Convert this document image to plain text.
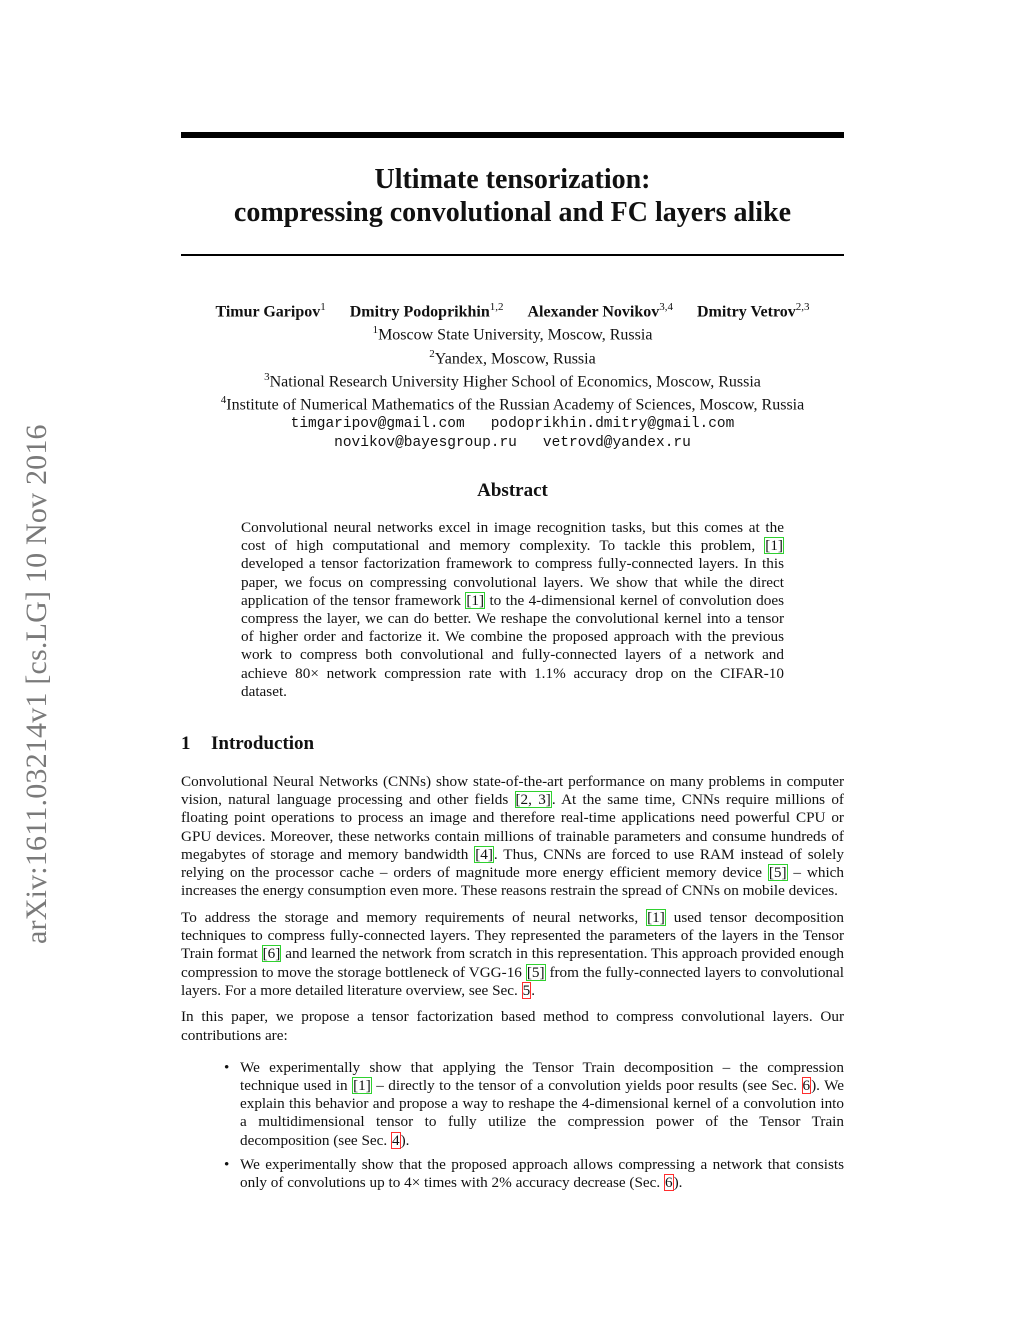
Ultimate tensorization:
compressing convolutional and FC layers alike
arXiv:1611.03214v1 [cs.LG] 10 Nov 2016
Timur Garipov$^1$ Dmitry Podoprikhin$^{1,2}$ Alexander Novikov$^{3,4}$ Dmitry Vetrov$^{2,3}$
$^1$Moscow State University, Moscow, Russia
$^2$Yandex, Moscow, Russia
$^3$National Research University Higher School of Economics, Moscow, Russia
$^4$Institute of Numerical Mathematics of the Russian Academy of Sciences, Moscow, Russia
timgaripov@gmail.com podoprikhin.dmitry@gmail.com
novikov@bayesgroup.ru vetrovd@yandex.ru
Abstract
Convolutional neural networks excel in image recognition tasks, but this comes at the cost of high computational and memory complexity. To tackle this problem, [1] developed a tensor factorization framework to compress fully-connected layers. In this paper, we focus on compressing convolutional layers. We show that while the direct application of the tensor framework [1] to the 4-dimensional kernel of convolution does compress the layer, we can do better. We reshape the convolutional kernel into a tensor of higher order and factorize it. We combine the proposed approach with the previous work to compress both convolutional and fully-connected layers of a network and achieve 80× network compression rate with 1.1% accuracy drop on the CIFAR-10 dataset.
1 Introduction

Convolutional Neural Networks (CNNs) show state-of-the-art performance on many problems in computer vision, natural language processing and other fields [2, 3]. At the same time, CNNs require millions of floating point operations to process an image and therefore real-time applications need powerful CPU or GPU devices. Moreover, these networks contain millions of trainable parameters and consume hundreds of megabytes of storage and memory bandwidth [4]. Thus, CNNs are forced to use RAM instead of solely relying on the processor cache – orders of magnitude more energy efficient memory device [5] – which increases the energy consumption even more. These reasons restrain the spread of CNNs on mobile devices.

To address the storage and memory requirements of neural networks, [1] used tensor decomposition techniques to compress fully-connected layers. They represented the parameters of the layers in the Tensor Train format [6] and learned the network from scratch in this representation. This approach provided enough compression to move the storage bottleneck of VGG-16 [5] from the fully-connected layers to convolutional layers. For a more detailed literature overview, see Sec. 5.

In this paper, we propose a tensor factorization based method to compress convolutional layers. Our contributions are:

• We experimentally show that applying the Tensor Train decomposition – the compression technique used in [1] – directly to the tensor of a convolution yields poor results (see Sec. 6). We explain this behavior and propose a way to reshape the 4-dimensional kernel of a convolution into a multidimensional tensor to fully utilize the compression power of the Tensor Train decomposition (see Sec. 4).
• We experimentally show that the proposed approach allows compressing a network that consists only of convolutions up to 4× times with 2% accuracy decrease (Sec. 6).
